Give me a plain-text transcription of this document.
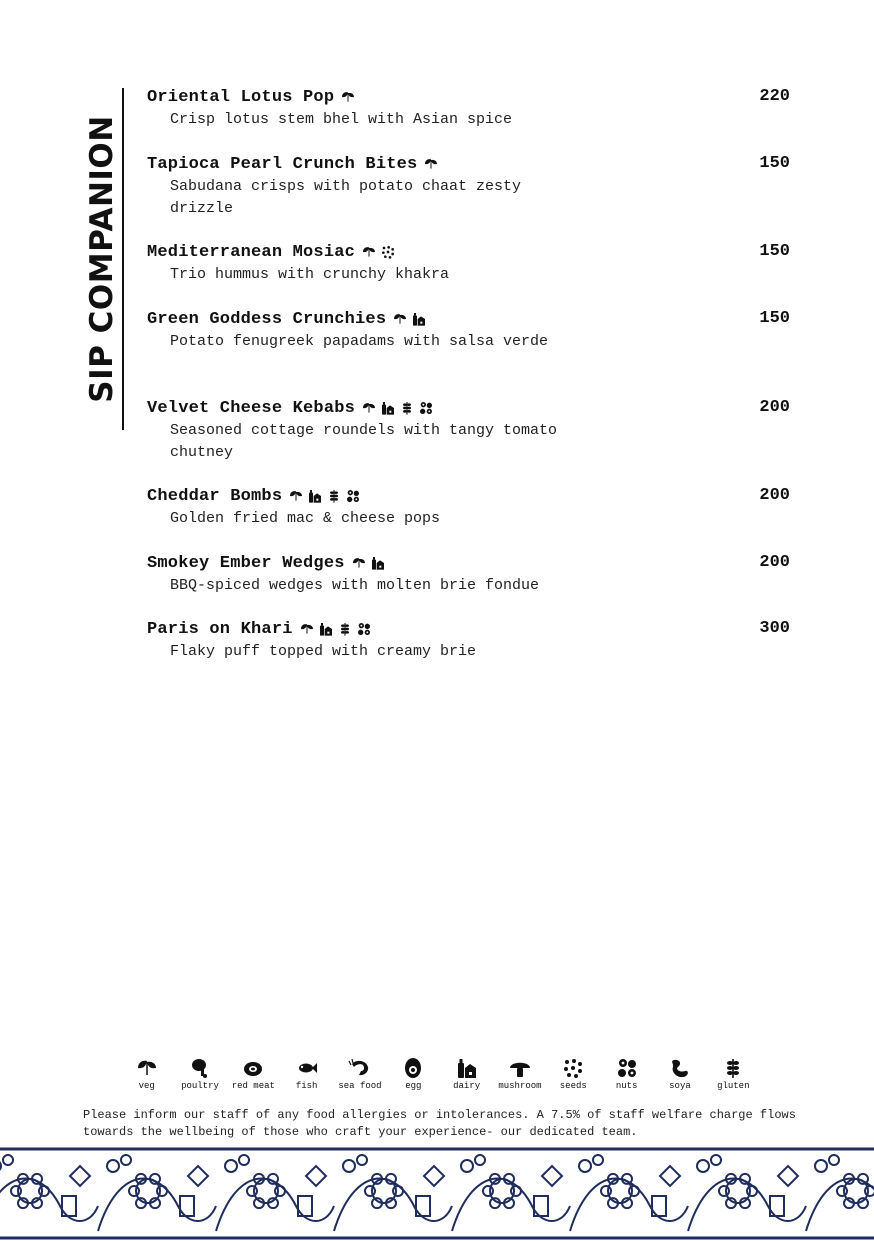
SIP COMPANION
Oriental Lotus Pop	220
Crisp lotus stem bhel with Asian spice
Tapioca Pearl Crunch Bites	150
Sabudana crisps with potato chaat zesty drizzle
Mediterranean Mosiac	150
Trio hummus with crunchy khakra
Green Goddess Crunchies	150
Potato fenugreek papadams with salsa verde
Velvet Cheese Kebabs	200
Seasoned cottage roundels with tangy tomato chutney
Cheddar Bombs	200
Golden fried mac & cheese pops
Smokey Ember Wedges	200
BBQ-spiced wedges with molten brie fondue
Paris on Khari	300
Flaky puff topped with creamy brie
veg	poultry red meat fish sea food	egg	dairy mushroom seeds	nuts	soya	gluten
Please inform our staff of any food allergies or intolerances. A 7.5% of staff welfare charge flows towards the wellbeing of those who craft your experience- our dedicated team.
